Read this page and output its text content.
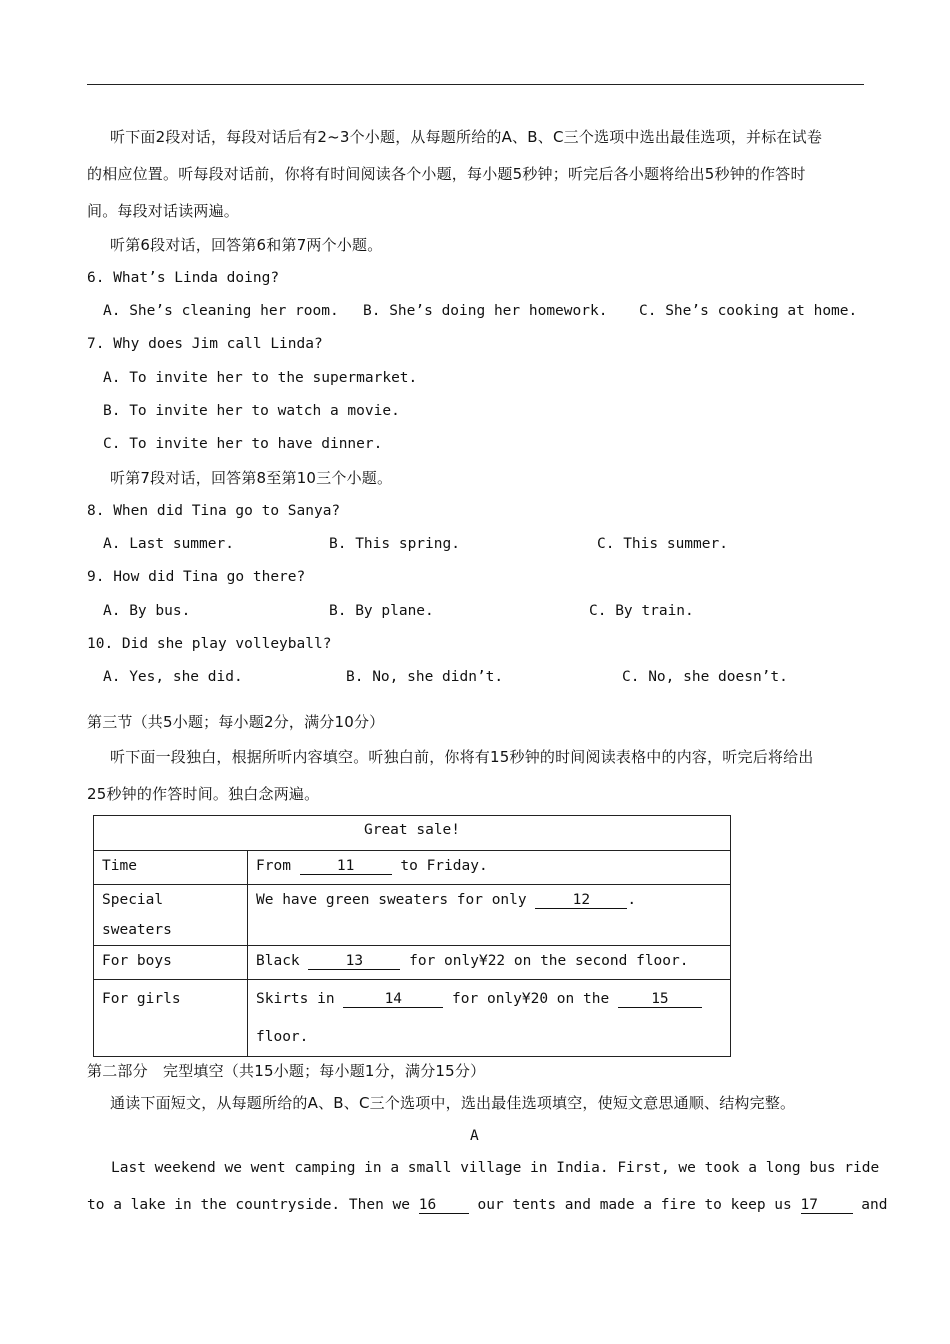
听下面2段对话，每段对话后有2~3个小题，从每题所给的A、B、C三个选项中选出最佳选项，并标在试卷
的相应位置。听每段对话前，你将有时间阅读各个小题，每小题5秒钟；听完后各小题将给出5秒钟的作答时
间。每段对话读两遍。
听第6段对话，回答第6和第7两个小题。
6. What’s Linda doing?
A. She’s cleaning her room. B. She’s doing her homework. C. She’s cooking at home.
7. Why does Jim call Linda?
A. To invite her to the supermarket.
B. To invite her to watch a movie.
C. To invite her to have dinner.
听第7段对话，回答第8至第10三个小题。
8. When did Tina go to Sanya?
A. Last summer.	B. This spring.	C. This summer.
9. How did Tina go there?
A. By bus.	B. By plane.	C. By train.
10. Did she play volleyball?
A. Yes, she did.	B. No, she didn’t.	C. No, she doesn’t.
第三节（共5小题；每小题2分，满分10分）
听下面一段独白，根据所听内容填空。听独白前，你将有15秒钟的时间阅读表格中的内容，听完后将给出
25秒钟的作答时间。独白念两遍。
Great sale!	
Time	From 11 to Friday.
Special sweaters	We have green sweaters for only 12 .
For boys	Black 13 for only¥22 on the second floor.
For girls	Skirts in 14 for only¥20 on the 15
floor.
第二部分　完型填空（共15小题；每小题1分，满分15分）
通读下面短文，从每题所给的A、B、C三个选项中，选出最佳选项填空，使短文意思通顺、结构完整。
A
Last weekend we went camping in a small village in India. First, we took a long bus ride
to a lake in the countryside. Then we 16	our tents and made a fire to keep us 17	and
